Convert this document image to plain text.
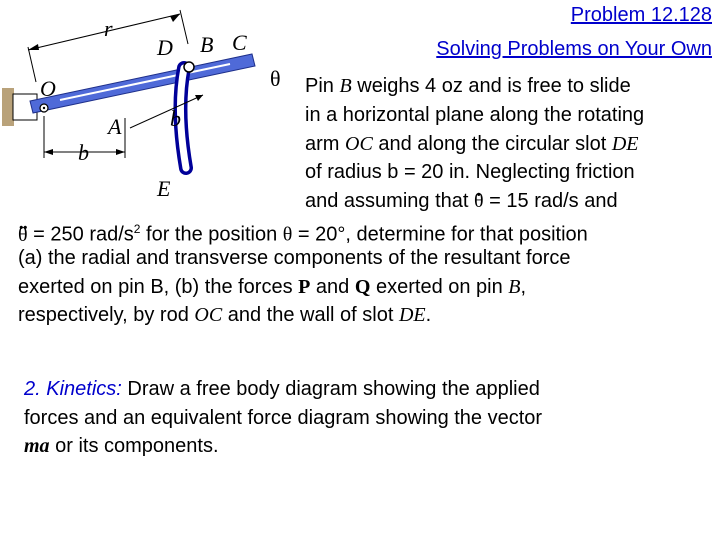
Problem 12.128
Solving Problems on Your Own
r
D B C
O
A b
b
E
θ Pin B weighs 4 oz and is free to slide
in a horizontal plane along the rotating
arm OC and along the circular slot DE
of radius b = 20 in. Neglecting friction
and assuming that . θ = 15 rad/s and
.. θ = 250 rad/$s^2$ for the position θ = 20°, determine for that position
(a) the radial and transverse components of the resultant force
exerted on pin B, (b) the forces P and Q exerted on pin B,
respectively, by rod OC and the wall of slot DE.
2. Kinetics: Draw a free body diagram showing the applied
forces and an equivalent force diagram showing the vector
ma or its components.
